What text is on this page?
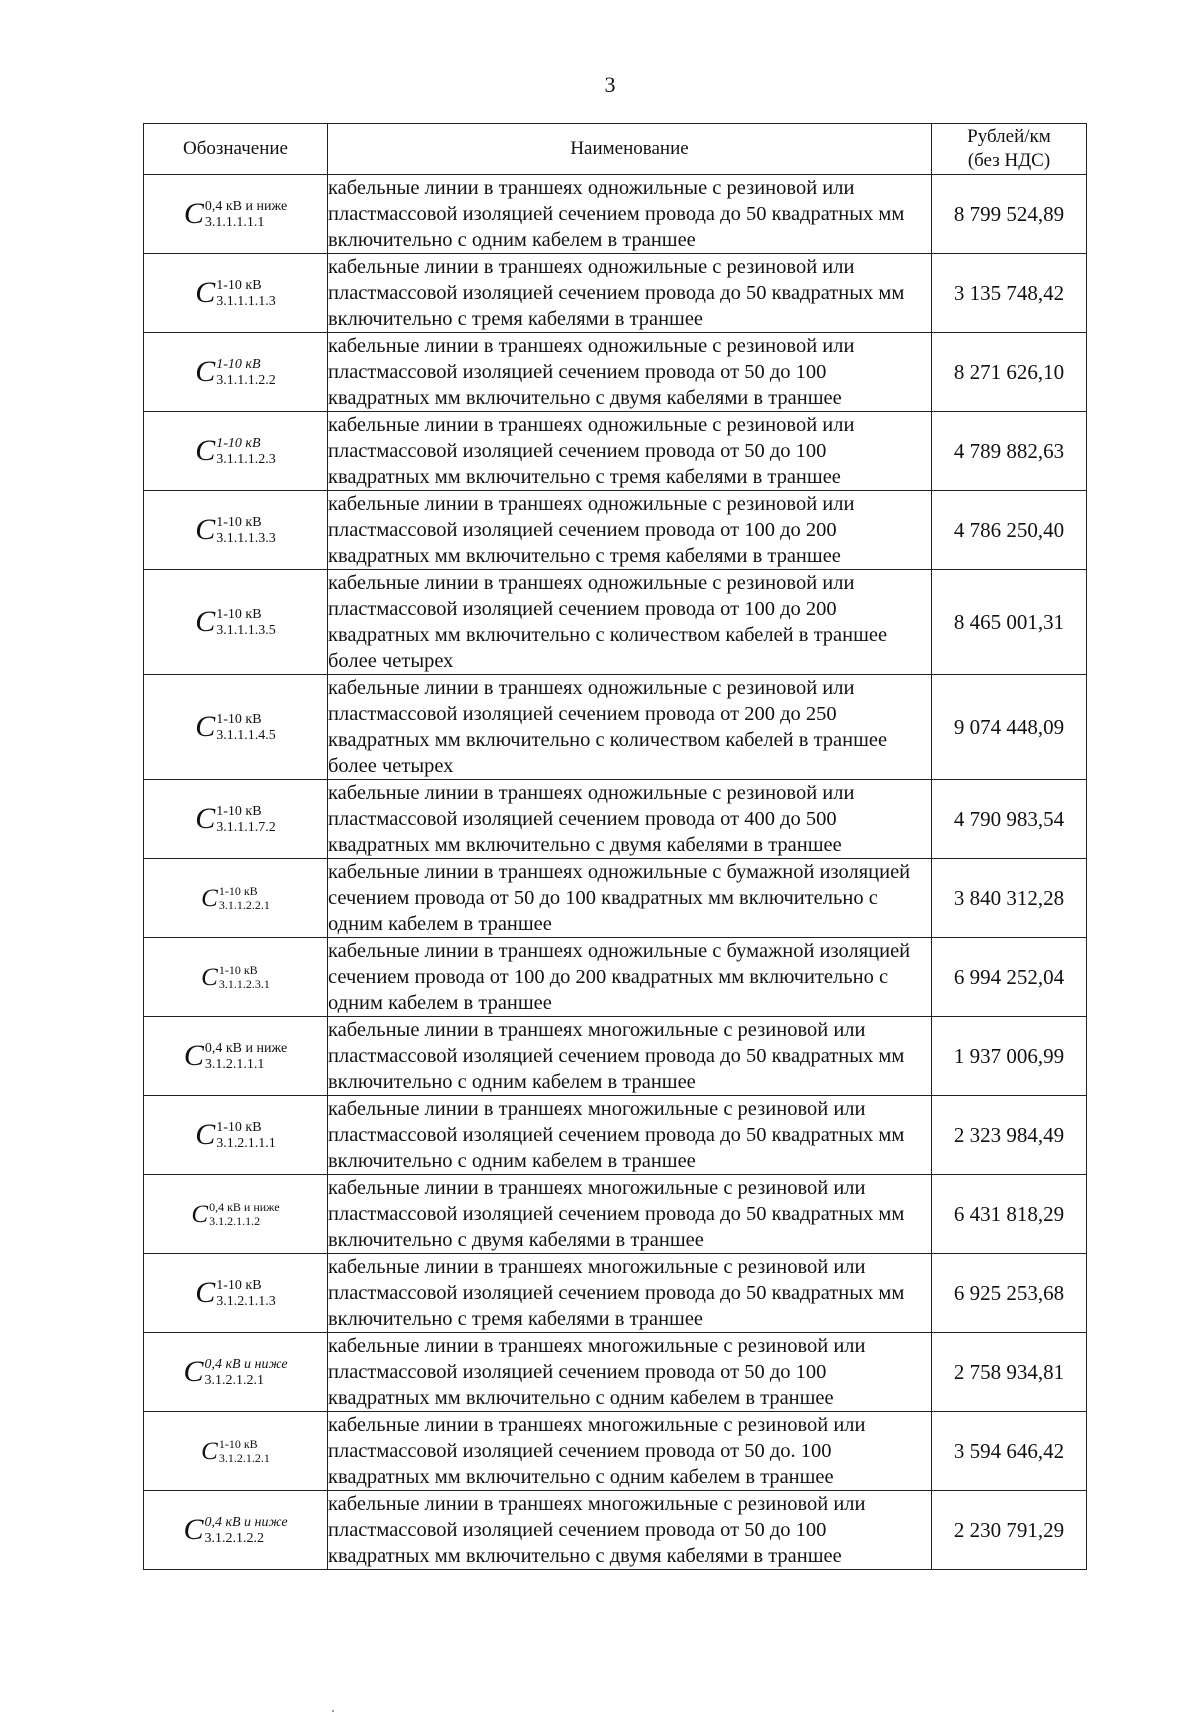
3
Обозначение	Наименование	Рублей/км
(без НДС)

C 0,4 кВ и ниже
3.1.1.1.1.1	кабельные линии в траншеях одножильные с резиновой или пластмассовой изоляцией сечением провода до 50 квадратных мм включительно с одним кабелем в траншее	8 799 524,89

C 1-10 кВ
3.1.1.1.1.3	кабельные линии в траншеях одножильные с резиновой или пластмассовой изоляцией сечением провода до 50 квадратных мм включительно с тремя кабелями в траншее	3 135 748,42

C 1-10 кВ
3.1.1.1.2.2	кабельные линии в траншеях одножильные с резиновой или пластмассовой изоляцией сечением провода от 50 до 100 квадратных мм включительно с двумя кабелями в траншее	8 271 626,10

C 1-10 кВ
3.1.1.1.2.3	кабельные линии в траншеях одножильные с резиновой или пластмассовой изоляцией сечением провода от 50 до 100 квадратных мм включительно с тремя кабелями в траншее	4 789 882,63

C 1-10 кВ
3.1.1.1.3.3	кабельные линии в траншеях одножильные с резиновой или пластмассовой изоляцией сечением провода от 100 до 200 квадратных мм включительно с тремя кабелями в траншее	4 786 250,40

C 1-10 кВ
3.1.1.1.3.5	кабельные линии в траншеях одножильные с резиновой или пластмассовой изоляцией сечением провода от 100 до 200 квадратных мм включительно с количеством кабелей в траншее более четырех	8 465 001,31

C 1-10 кВ
3.1.1.1.4.5	кабельные линии в траншеях одножильные с резиновой или пластмассовой изоляцией сечением провода от 200 до 250 квадратных мм включительно с количеством кабелей в траншее более четырех	9 074 448,09

C 1-10 кВ
3.1.1.1.7.2	кабельные линии в траншеях одножильные с резиновой или пластмассовой изоляцией сечением провода от 400 до 500 квадратных мм включительно с двумя кабелями в траншее	4 790 983,54

C 1-10 кВ
3.1.1.2.2.1	кабельные линии в траншеях одножильные с бумажной изоляцией сечением провода от 50 до 100 квадратных мм включительно с одним кабелем в траншее	3 840 312,28

C 1-10 кВ
3.1.1.2.3.1	кабельные линии в траншеях одножильные с бумажной изоляцией сечением провода от 100 до 200 квадратных мм включительно с одним кабелем в траншее	6 994 252,04

C 0,4 кВ и ниже
3.1.2.1.1.1	кабельные линии в траншеях многожильные с резиновой или пластмассовой изоляцией сечением провода до 50 квадратных мм включительно с одним кабелем в траншее	1 937 006,99

C 1-10 кВ
3.1.2.1.1.1	кабельные линии в траншеях многожильные с резиновой или пластмассовой изоляцией сечением провода до 50 квадратных мм включительно с одним кабелем в траншее	2 323 984,49

C 0,4 кВ и ниже
3.1.2.1.1.2	кабельные линии в траншеях многожильные с резиновой или пластмассовой изоляцией сечением провода до 50 квадратных мм включительно с двумя кабелями в траншее	6 431 818,29

C 1-10 кВ
3.1.2.1.1.3	кабельные линии в траншеях многожильные с резиновой или пластмассовой изоляцией сечением провода до 50 квадратных мм включительно с тремя кабелями в траншее	6 925 253,68

C 0,4 кВ и ниже
3.1.2.1.2.1	кабельные линии в траншеях многожильные с резиновой или пластмассовой изоляцией сечением провода от 50 до 100 квадратных мм включительно с одним кабелем в траншее	2 758 934,81

C 1-10 кВ
3.1.2.1.2.1	кабельные линии в траншеях многожильные с резиновой или пластмассовой изоляцией сечением провода от 50 до. 100 квадратных мм включительно с одним кабелем в траншее	3 594 646,42

C 0,4 кВ и ниже
3.1.2.1.2.2	кабельные линии в траншеях многожильные с резиновой или пластмассовой изоляцией сечением провода от 50 до 100 квадратных мм включительно с двумя кабелями в траншее	2 230 791,29
